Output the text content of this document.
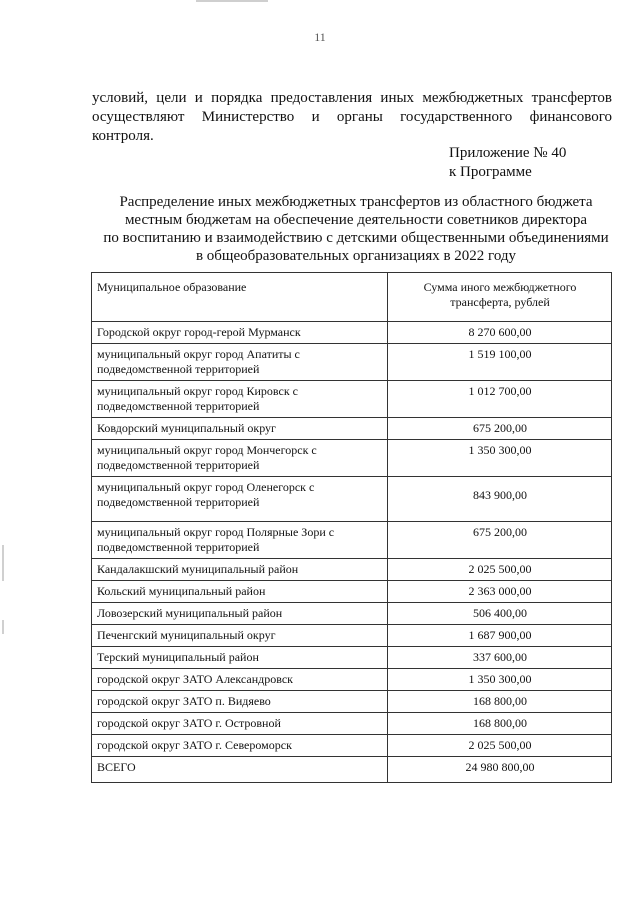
11
условий, цели и порядка предоставления иных межбюджетных трансфертов
осуществляют Министерство и органы государственного финансового
контроля.
Приложение № 40
к Программе
Распределение иных межбюджетных трансфертов из областного бюджета
местным бюджетам на обеспечение деятельности советников директора
по воспитанию и взаимодействию с детскими общественными объединениями
в общеобразовательных организациях в 2022 году
Муниципальное образование	Сумма иного межбюджетного трансферта, рублей
Городской округ город-герой Мурманск	8 270 600,00
муниципальный округ город Апатиты с подведомственной территорией	1 519 100,00
муниципальный округ город Кировск с подведомственной территорией	1 012 700,00
Ковдорский муниципальный округ	675 200,00
муниципальный округ город Мончегорск с подведомственной территорией	1 350 300,00
муниципальный округ город Оленегорск с подведомственной территорией	843 900,00
муниципальный округ город Полярные Зори с подведомственной территорией	675 200,00
Кандалакшский муниципальный район	2 025 500,00
Кольский муниципальный район	2 363 000,00
Ловозерский муниципальный район	506 400,00
Печенгский муниципальный округ	1 687 900,00
Терский муниципальный район	337 600,00
городской округ ЗАТО Александровск	1 350 300,00
городской округ ЗАТО п. Видяево	168 800,00
городской округ ЗАТО г. Островной	168 800,00
городской округ ЗАТО г. Североморск	2 025 500,00
ВСЕГО	24 980 800,00
